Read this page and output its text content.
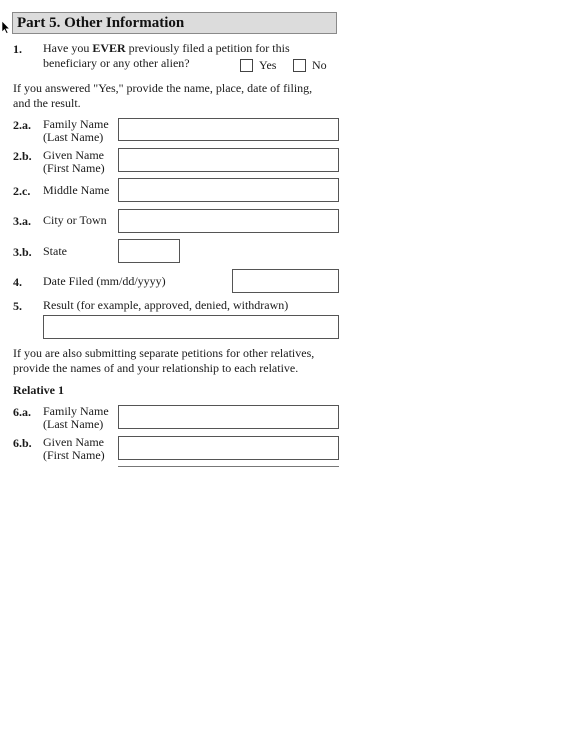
Part 5. Other Information
1. Have you EVER previously filed a petition for this
beneficiary or any other alien?	Yes	No
If you answered "Yes," provide the name, place, date of filing,
and the result.
2.a. Family Name
(Last Name)
2.b. Given Name
(First Name)
2.c. Middle Name
3.a. City or Town
3.b. State
4. Date Filed (mm/dd/yyyy)
5. Result (for example, approved, denied, withdrawn)
If you are also submitting separate petitions for other relatives,
provide the names of and your relationship to each relative.
Relative 1
6.a. Family Name
(Last Name)
6.b. Given Name
(First Name)
